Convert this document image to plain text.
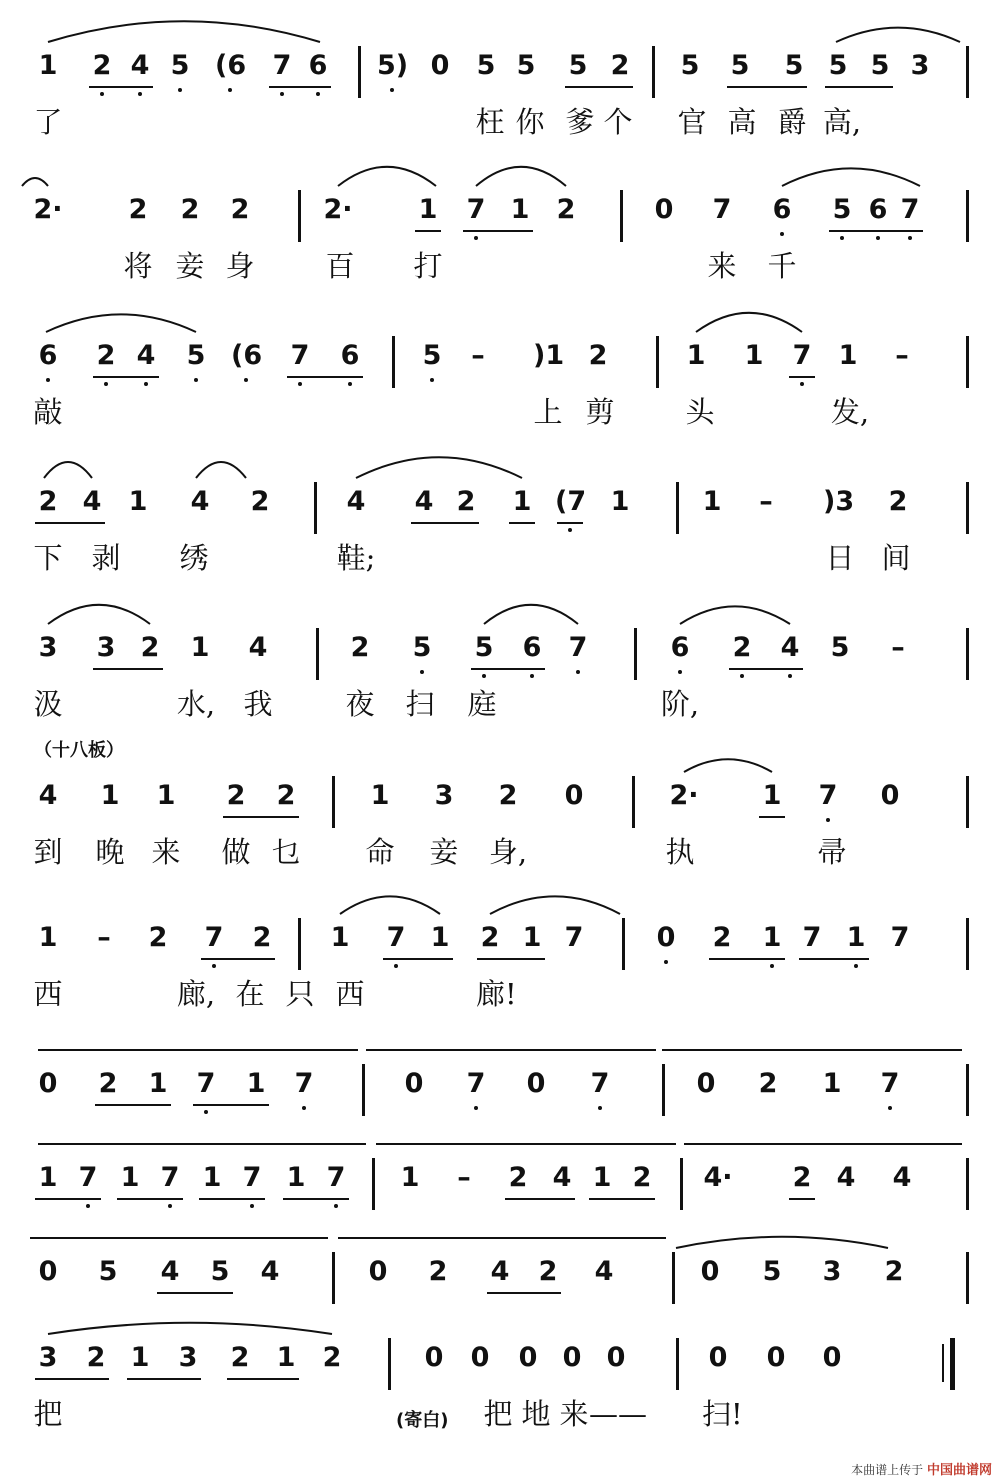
（十八板）
1 2 4 5 (6 7 6 5) 0 5 5 5 2 5 5 5 5 5 3
了	枉 你 爹 个 官 高 爵 高,
2· 2 2 2	2· 1 7 1 2	0 7 6 5 6 7
将 妾 身 百 打	来 千
6 2 4 5 (6 7 6 5	–	)1 2	1 1 7 1	–
敲	上 剪 头	发,
2 4 1 4 2	4 4 2 1 (7 1	1	–	)3 2
下 剥 绣	鞋;	日 间
3 3 2 1 4	2 5 5 6 7	6 2 4 5	–
汲	水, 我	夜 扫 庭	阶,
4 1 1 2 2	1 3 2 0	2· 1 7 0
到 晚 来 做 乜 命 妾 身,	执	帚
1	–	2 7 2 1 7 1 2 1 7	0 2 1 7 1 7
西	廊, 在 只 西	廊!
0 2 1 7 1 7	0 7 0 7	0 2 1 7
1 7 1 7 1 7 1 7 1	–	2 4 1 2 4· 2 4 4
0 5 4 5 4	0 2 4 2 4	0 5 3 2
3 2 1 3 2 1 2	0 0 0 0 0	0 0 0
把	把 地 来 ——	扫!
(寄白)
本曲谱上传于 中国曲谱网
